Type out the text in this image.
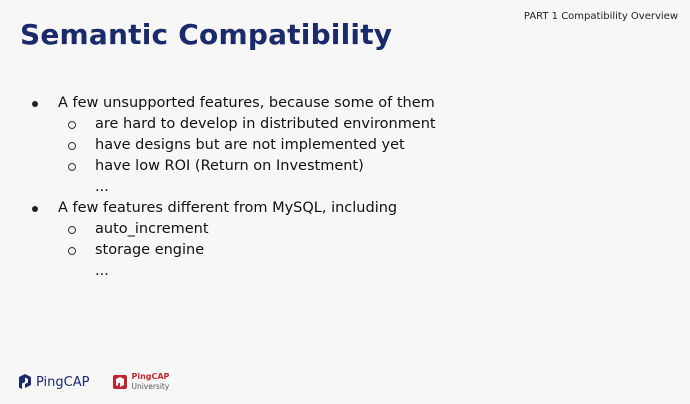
PART 1 Compatibility Overview
Semantic Compatibility
A few unsupported features, because some of them
are hard to develop in distributed environment
have designs but are not implemented yet
have low ROI (Return on Investment)
...
A few features different from MySQL, including
auto_increment
storage engine
...
PingCAP	PingCAP
University
